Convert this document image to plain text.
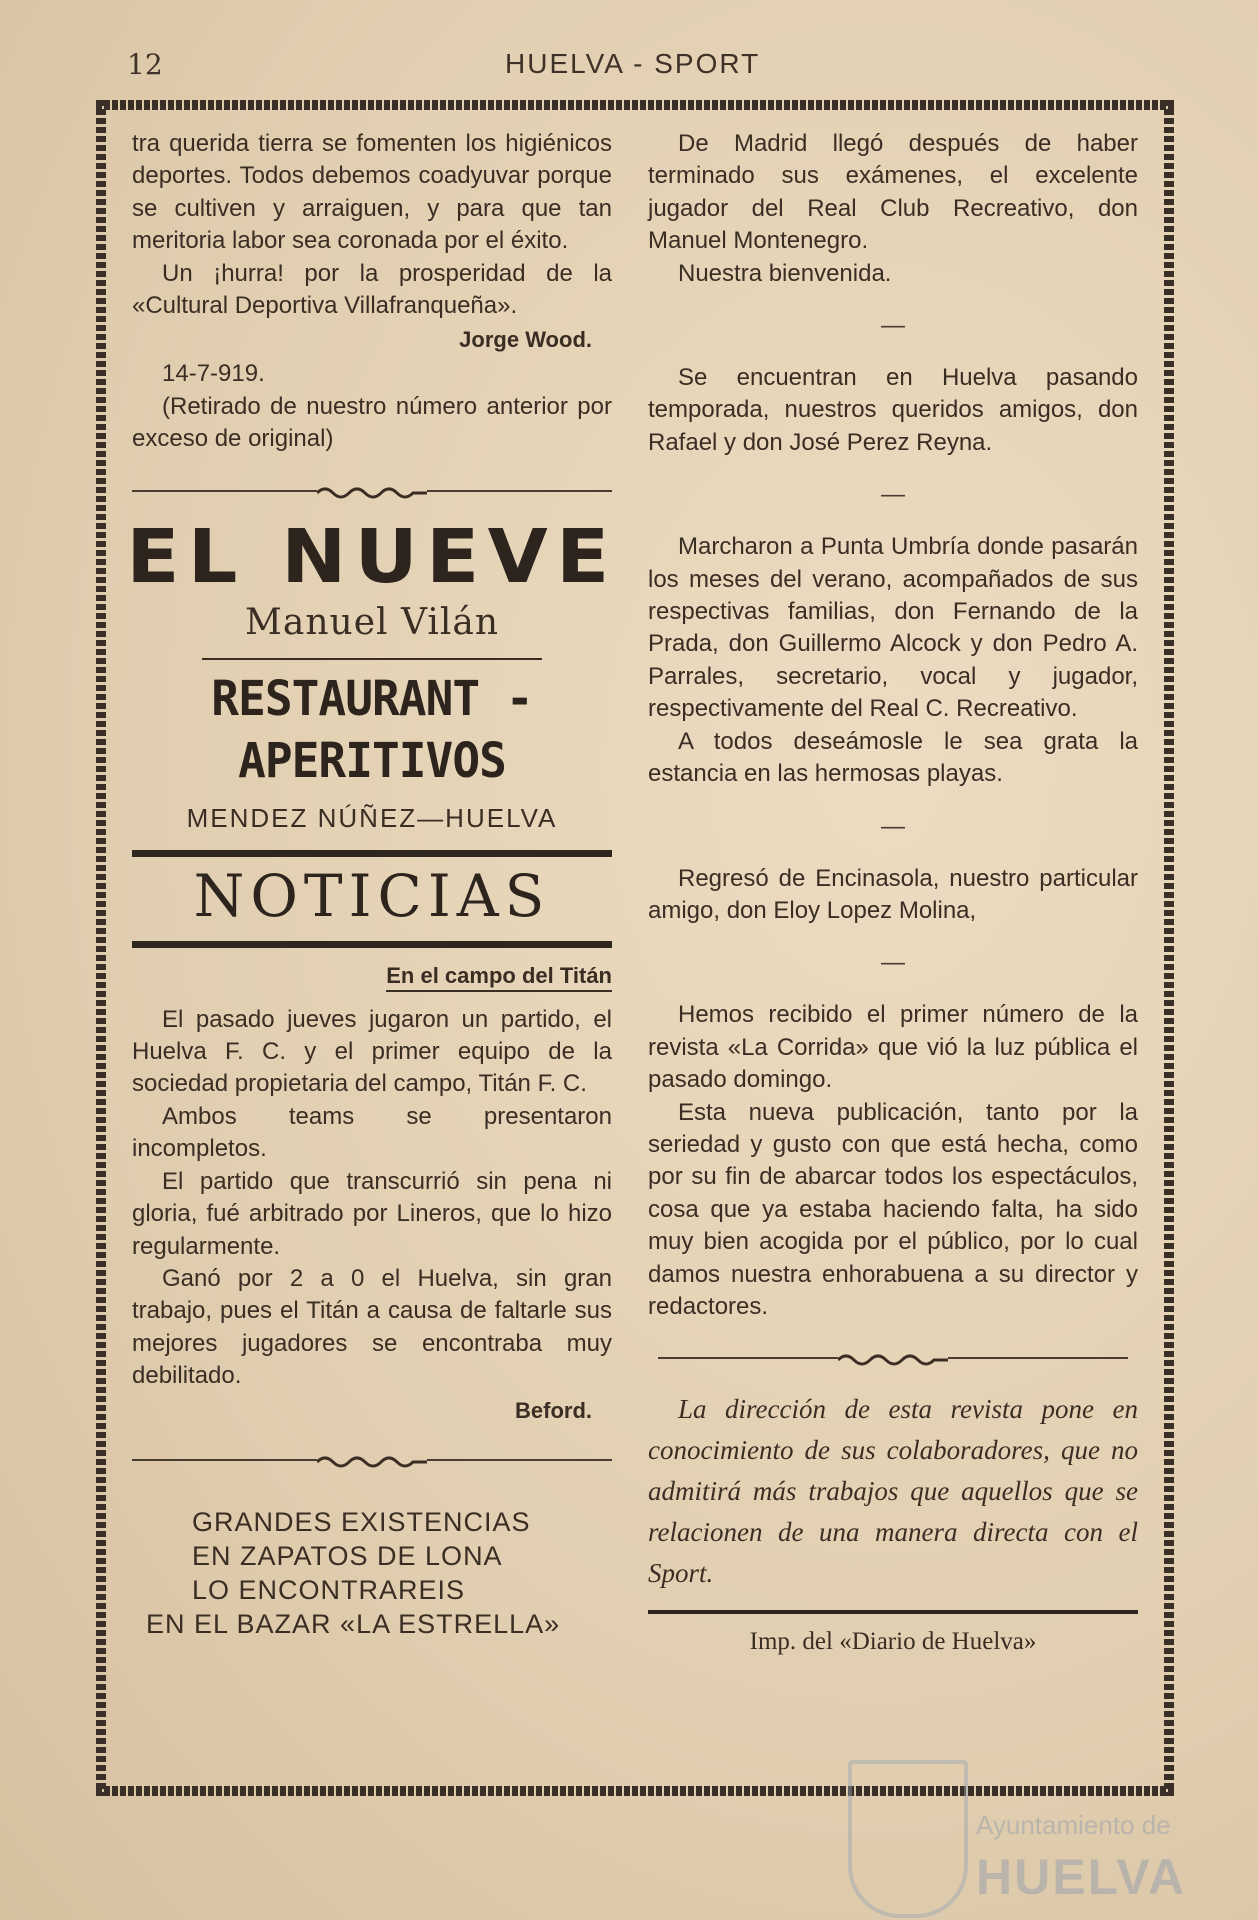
12	HUELVA - SPORT

tra querida tierra se fomenten los higiénicos deportes. Todos debemos coadyuvar porque se cultiven y arraiguen, y para que tan meritoria labor sea coronada por el éxito.

Un ¡hurra! por la prosperidad de la «Cultural Deportiva Villafranqueña».

Jorge Wood.

14-7-919.

(Retirado de nuestro número anterior por exceso de original)

EL NUEVE
Manuel Vilán
RESTAURANT - APERITIVOS
MENDEZ NÚÑEZ—HUELVA
NOTICIAS
En el campo del Titán

El pasado jueves jugaron un partido, el Huelva F. C. y el primer equipo de la sociedad propietaria del campo, Titán F. C.

Ambos teams se presentaron incompletos.

El partido que transcurrió sin pena ni gloria, fué arbitrado por Lineros, que lo hizo regularmente.

Ganó por 2 a 0 el Huelva, sin gran trabajo, pues el Titán a causa de faltarle sus mejores jugadores se encontraba muy debilitado.

Beford.
GRANDES EXISTENCIAS
EN ZAPATOS DE LONA
LO ENCONTRAREIS
EN EL BAZAR «LA ESTRELLA»

De Madrid llegó después de haber terminado sus exámenes, el excelente jugador del Real Club Recreativo, don Manuel Montenegro.

Nuestra bienvenida.

—

Se encuentran en Huelva pasando temporada, nuestros queridos amigos, don Rafael y don José Perez Reyna.

—

Marcharon a Punta Umbría donde pasarán los meses del verano, acompañados de sus respectivas familias, don Fernando de la Prada, don Guillermo Alcock y don Pedro A. Parrales, secretario, vocal y jugador, respectivamente del Real C. Recreativo.

A todos deseámosle le sea grata la estancia en las hermosas playas.

—

Regresó de Encinasola, nuestro particular amigo, don Eloy Lopez Molina,

—

Hemos recibido el primer número de la revista «La Corrida» que vió la luz pública el pasado domingo.

Esta nueva publicación, tanto por la seriedad y gusto con que está hecha, como por su fin de abarcar todos los espectáculos, cosa que ya estaba haciendo falta, ha sido muy bien acogida por el público, por lo cual damos nuestra enhorabuena a su director y redactores.

La dirección de esta revista pone en conocimiento de sus colaboradores, que no admitirá más trabajos que aquellos que se relacionen de una manera directa con el Sport.
Imp. del «Diario de Huelva»
Ayuntamiento de
HUELVA
